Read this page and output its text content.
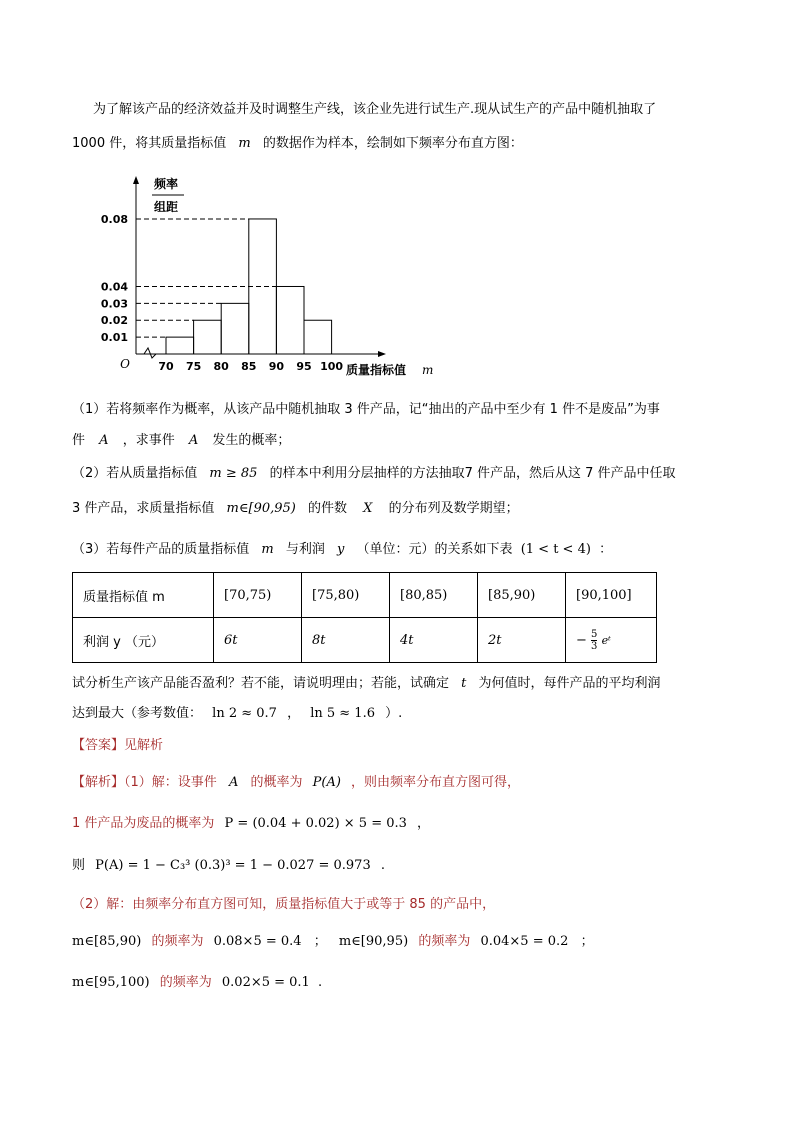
为了解该产品的经济效益并及时调整生产线，该企业先进行试生产.现从试生产的产品中随机抽取了
1000 件，将其质量指标值 m 的数据作为样本，绘制如下频率分布直方图：
O
频率
组距
0.01
0.02
0.03
0.04
0.08
70 75 80 85 90 95 100 质量指标值 m
（1）若将频率作为概率，从该产品中随机抽取 3 件产品，记“抽出的产品中至少有 1 件不是废品”为事
件 A ，求事件 A 发生的概率；
（2）若从质量指标值 m ≥ 85 的样本中利用分层抽样的方法抽取7 件产品，然后从这 7 件产品中任取
3 件产品，求质量指标值 m∈[90,95) 的件数 X 的分布列及数学期望；
（3）若每件产品的质量指标值 m 与利润 y （单位：元）的关系如下表 (1 < t < 4) ：
质量指标值 m	[70,75)	[75,80)	[80,85)	[85,90)	[90,100]
利润 y （元）	6t	8t	4t	2t	− $\frac{5}{3}$ eᵗ
试分析生产该产品能否盈利？若不能，请说明理由；若能，试确定 t 为何值时，每件产品的平均利润
达到最大（参考数值： ln 2 ≈ 0.7 ， ln 5 ≈ 1.6 ）.
【答案】见解析
【解析】（1）解：设事件 A 的概率为 P(A) ，则由频率分布直方图可得，
1 件产品为废品的概率为 P = (0.04 + 0.02) × 5 = 0.3 ，
则 P(A) = 1 − C₃³ (0.3)³ = 1 − 0.027 = 0.973 .
（2）解：由频率分布直方图可知，质量指标值大于或等于 85 的产品中，
m∈[85,90) 的频率为 0.08×5 = 0.4 ； m∈[90,95) 的频率为 0.04×5 = 0.2 ；
m∈[95,100) 的频率为 0.02×5 = 0.1 .
